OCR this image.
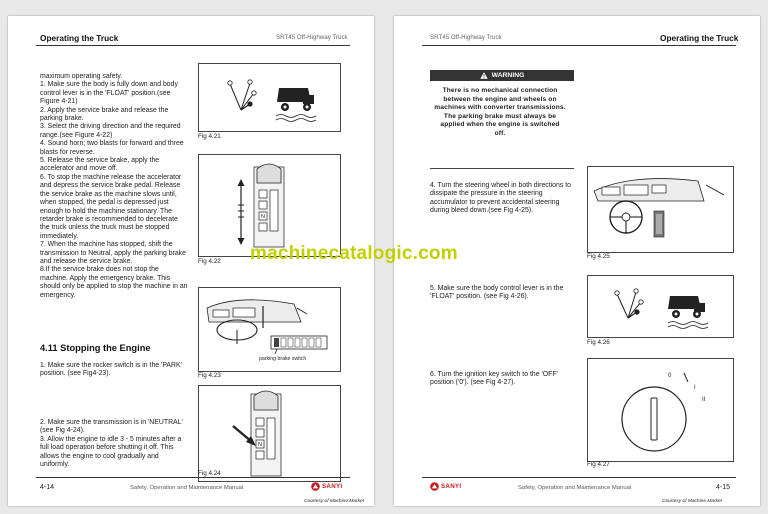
Operating the Truck	SRT45 Off-Highway Truck

maximum operating safety.

1. Make sure the body is fully down and body control lever is in the 'FLOAT' position.(see Figure 4-21)

2. Apply the service brake and release the parking brake.

3. Select the driving direction and the required range.(see Figure 4-22)

4. Sound horn; two blasts for forward and three blasts for reverse.

5. Release the service brake, apply the accelerator and move off.

6. To stop the machine release the accelerator and depress the service brake pedal. Release the service brake as the machine slows until, when stopped, the pedal is depressed just enough to hold the machine stationary. The retarder brake is recommended to decelerate the truck unless the truck must be stopped immediately.

7. When the machine has stopped, shift the transmission to Neutral, apply the parking brake and release the service brake.

8.If the service brake does not stop the machine. Apply the emergency brake. This should only be applied to stop the machine in an emergency.

4.11 Stopping the Engine
1. Make sure the rocker switch is in the 'PARK' position. (see Fig4-23).

2. Make sure the transmission is in 'NEUTRAL' (see Fig 4-24).

3. Allow the engine to idle 3 - 5 minutes after a full load operation before shutting it off. This allows the engine to cool gradually and uniformly.

Fig 4.21
N
Fig 4.22
parking brake switch
Fig 4.23
N
Fig 4.24
4-14	Safety, Operation and Maintenance Manual	SANYI
Courtesy of Machine.Market
SRT45 Off-Highway Truck	Operating the Truck
WARNING
There is no mechanical connection between the engine and wheels on machines with converter transmissions. The parking brake must always be applied when the engine is switched off.
4. Turn the steering wheel in both directions to dissipate the pressure in the steering accumulator to prevent accidental steering during bleed down.(see Fig 4-25).
5. Make sure the body control lever is in the 'FLOAT' position. (see Fig 4-26).
6. Turn the ignition key switch to the 'OFF' position ('0'). (see Fig 4-27).
Fig 4.25
Fig 4.26
0
I
II
Fig 4.27
SANYI	Safety, Operation and Maintenance Manual	4-15
Courtesy of Machine.Market
machinecatalogic.com
